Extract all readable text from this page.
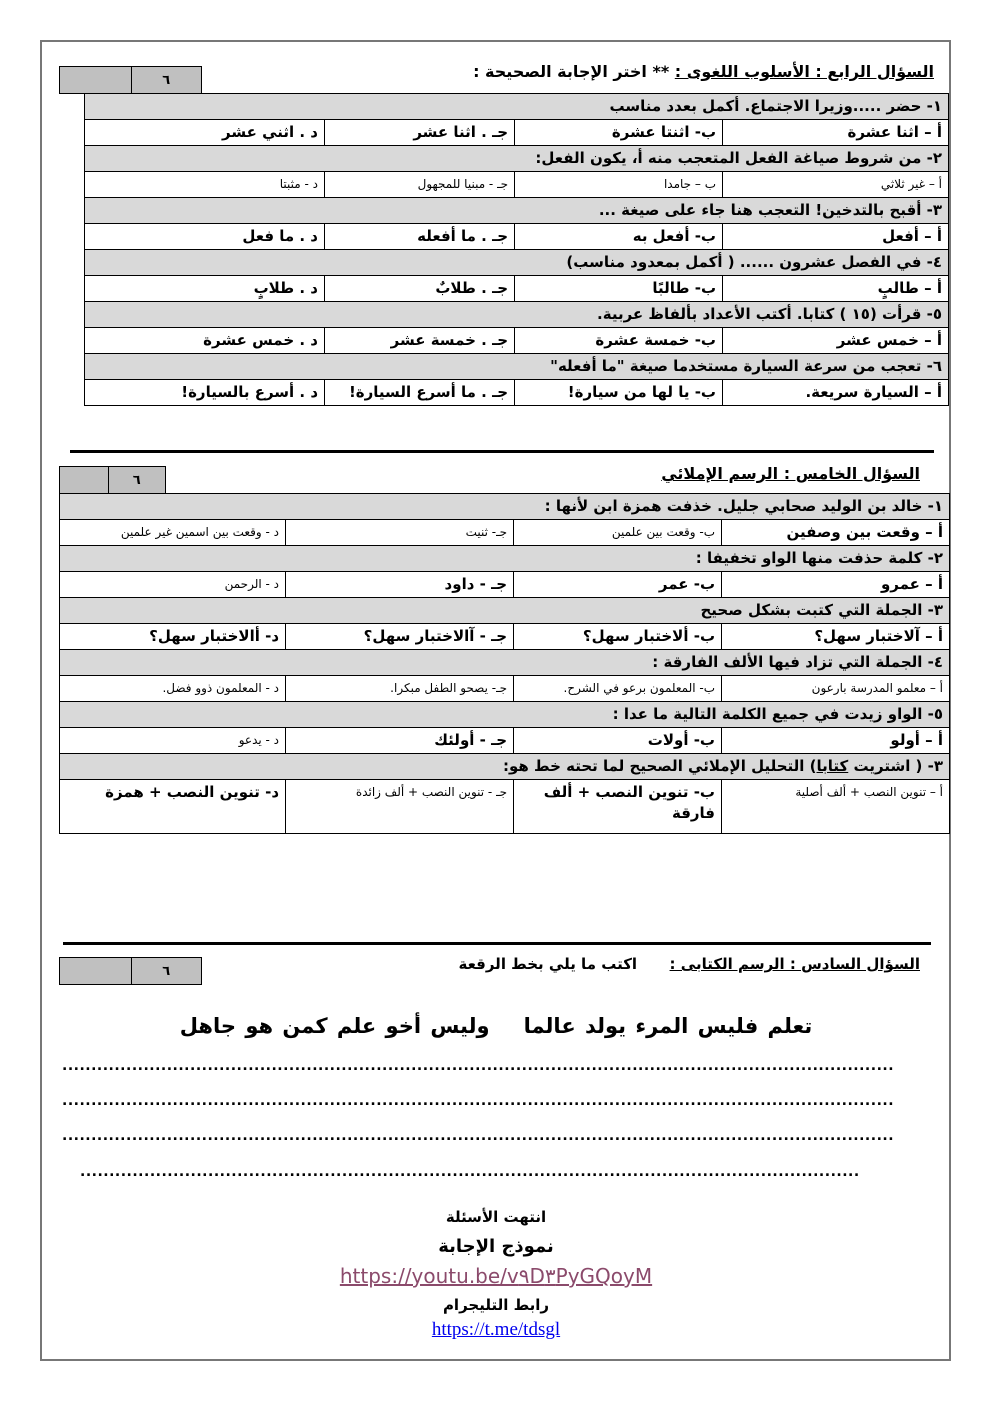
السؤال الرابع : الأسلوب اللغوى : ** اختر الإجابة الصحيحة :
٦
١- حضر .....وزيرا الاجتماع. أكمل بعدد مناسب			
أ – اثنا عشرة	ب- اثنتا عشرة	جـ . اثنا عشر	د . اثني عشر
٢- من شروط صياغة الفعل المتعجب منه أ، يكون الفعل:			
أ – غير ثلاثي	ب – جامدا	جـ - مبنيا للمجهول	د - مثبتا
٣- أقبح بالتدخين! التعجب هنا جاء على صيغة ...			
أ – أفعل	ب- أفعل به	جـ . ما أفعله	د . ما فعل
٤- في الفصل عشرون ...... ( أكمل بمعدود مناسب)			
أ – طالبٍ	ب- طالبًا	جـ . طلابٌ	د . طلابٍ
٥- قرأت (١٥ ) كتابا. أكتب الأعداد بألفاظ عربية.			
أ – خمس عشر	ب- خمسة عشرة	جـ . خمسة عشر	د . خمس عشرة
٦- تعجب من سرعة السيارة مستخدما صيغة "ما أفعله"			
أ – السيارة سريعة.	ب- يا لها من سيارة!	جـ . ما أسرع السيارة!	د . أسرع بالسيارة!
السؤال الخامس : الرسم الإملائي
٦
١- خالد بن الوليد صحابي جليل. خذفت همزة ابن لأنها :			
أ – وقعت بين وصفين	ب- وقعت بين علمين	جـ- ثنيت	د - وقعت بين اسمين غير علمين
٢- كلمة حذفت منها الواو تخفيفا :			
أ – عمرو	ب- عمر	جـ - داود	د - الرحمن
٣- الجملة التي كتبت بشكل صحيح			
أ – آلاختبار سهل؟	ب- ألاختبار سهل؟	جـ - آالاختبار سهل؟	د- أالاختبار سهل؟
٤- الجملة التي تزاد فيها الألف الفارقة :			
أ – معلمو المدرسة بارعون	ب- المعلمون برعو في الشرح.	جـ- يصحو الطفل مبكرا.	د - المعلمون ذوو فضل.
٥- الواو زيدت في جميع الكلمة التالية ما عدا :			
أ – أولو	ب- أولات	جـ - أولئك	د - يدعو
٣- ( اشتريت كتابا) التحليل الإملائي الصحيح لما تحته خط هو:			
أ – تنوين النصب + ألف أصلية	ب- تنوين النصب + ألف فارقة	جـ - تنوين النصب + ألف زائدة	د- تنوين النصب + همزة
السؤال السادس : الرسم الكتابى :  اكتب ما يلي بخط الرقعة
٦
تعلم فليس المرء يولد عالماوليس أخو علم كمن هو جاهل
...............................................................................................................................................
...............................................................................................................................................
...............................................................................................................................................
......................................................................................................................................
انتهت الأسئلة
نموذج الإجابة
https://youtu.be/v٩D٣PyGQoyM
رابط التليجرام
https://t.me/tdsgl
